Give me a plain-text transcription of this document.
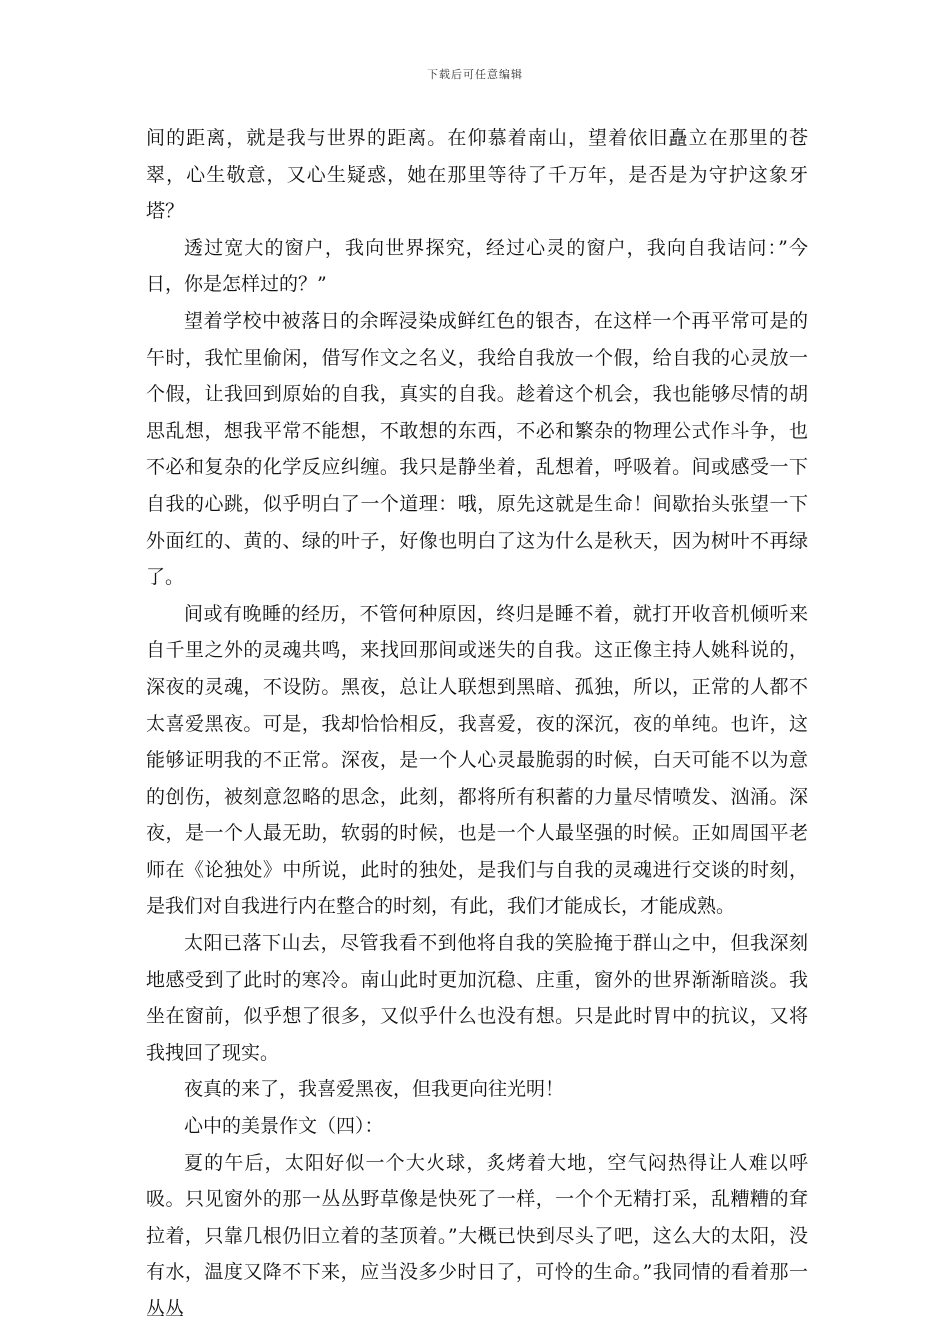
下载后可任意编辑

间的距离，就是我与世界的距离。在仰慕着南山，望着依旧矗立在那里的苍翠，心生敬意，又心生疑惑，她在那里等待了千万年，是否是为守护这象牙塔？

透过宽大的窗户，我向世界探究，经过心灵的窗户，我向自我诘问：”今日，你是怎样过的？”

望着学校中被落日的余晖浸染成鲜红色的银杏，在这样一个再平常可是的午时，我忙里偷闲，借写作文之名义，我给自我放一个假，给自我的心灵放一个假，让我回到原始的自我，真实的自我。趁着这个机会，我也能够尽情的胡思乱想，想我平常不能想，不敢想的东西，不必和繁杂的物理公式作斗争，也不必和复杂的化学反应纠缠。我只是静坐着，乱想着，呼吸着。间或感受一下自我的心跳，似乎明白了一个道理：哦，原先这就是生命！间歇抬头张望一下外面红的、黄的、绿的叶子，好像也明白了这为什么是秋天，因为树叶不再绿了。

间或有晚睡的经历，不管何种原因，终归是睡不着，就打开收音机倾听来自千里之外的灵魂共鸣，来找回那间或迷失的自我。这正像主持人姚科说的，深夜的灵魂，不设防。黑夜，总让人联想到黑暗、孤独，所以，正常的人都不太喜爱黑夜。可是，我却恰恰相反，我喜爱，夜的深沉，夜的单纯。也许，这能够证明我的不正常。深夜，是一个人心灵最脆弱的时候，白天可能不以为意的创伤，被刻意忽略的思念，此刻，都将所有积蓄的力量尽情喷发、汹涌。深夜，是一个人最无助，软弱的时候，也是一个人最坚强的时候。正如周国平老师在《论独处》中所说，此时的独处，是我们与自我的灵魂进行交谈的时刻，是我们对自我进行内在整合的时刻，有此，我们才能成长，才能成熟。

太阳已落下山去，尽管我看不到他将自我的笑脸掩于群山之中，但我深刻地感受到了此时的寒冷。南山此时更加沉稳、庄重，窗外的世界渐渐暗淡。我坐在窗前，似乎想了很多，又似乎什么也没有想。只是此时胃中的抗议，又将我拽回了现实。

夜真的来了，我喜爱黑夜，但我更向往光明！

心中的美景作文（四）：

夏的午后，太阳好似一个大火球，炙烤着大地，空气闷热得让人难以呼吸。只见窗外的那一丛丛野草像是快死了一样，一个个无精打采，乱糟糟的耷拉着，只靠几根仍旧立着的茎顶着。”大概已快到尽头了吧，这么大的太阳，没有水，温度又降不下来，应当没多少时日了，可怜的生命。”我同情的看着那一丛丛
